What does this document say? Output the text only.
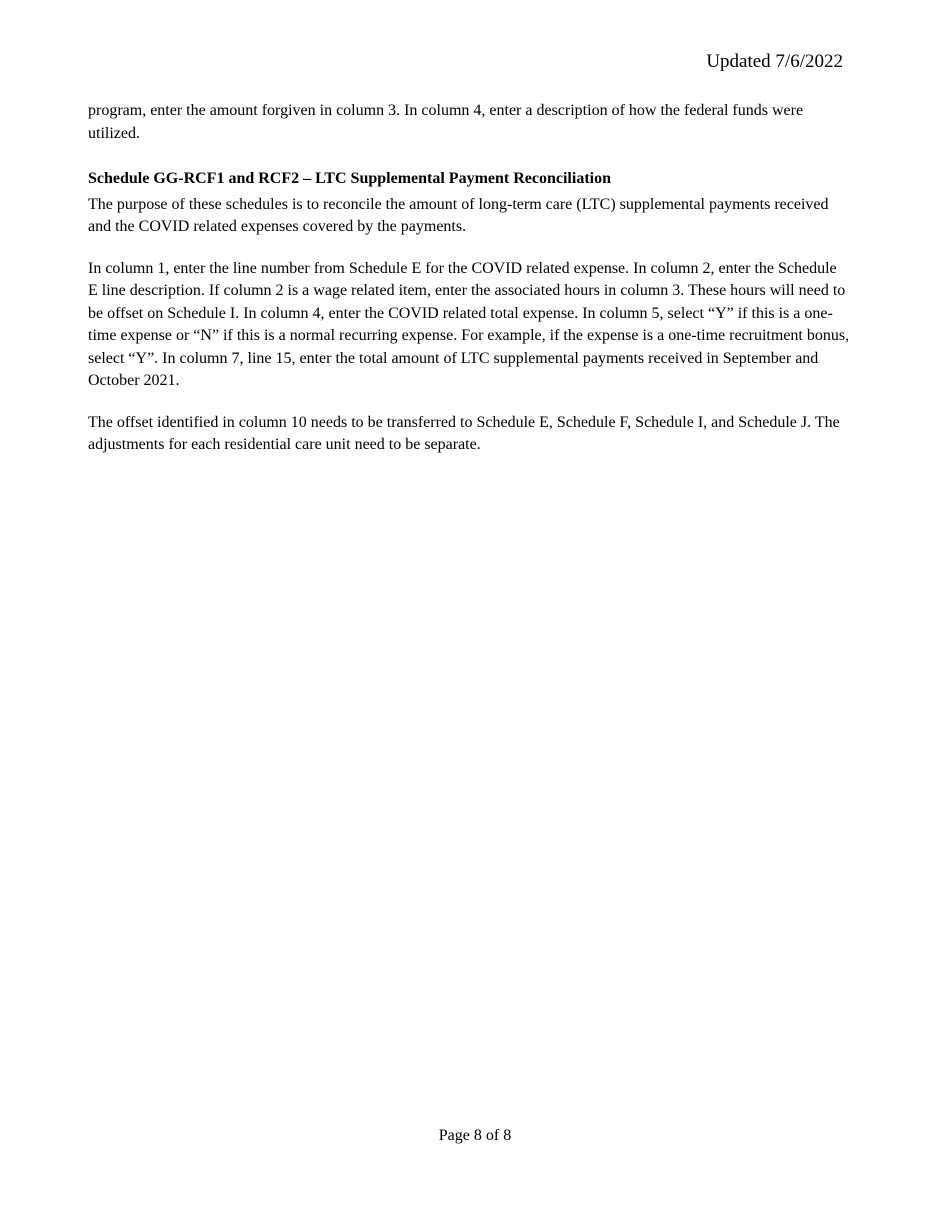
Updated 7/6/2022

program, enter the amount forgiven in column 3. In column 4, enter a description of how the federal funds were utilized.

Schedule GG-RCF1 and RCF2 – LTC Supplemental Payment Reconciliation

The purpose of these schedules is to reconcile the amount of long-term care (LTC) supplemental payments received and the COVID related expenses covered by the payments.

In column 1, enter the line number from Schedule E for the COVID related expense. In column 2, enter the Schedule E line description. If column 2 is a wage related item, enter the associated hours in column 3. These hours will need to be offset on Schedule I. In column 4, enter the COVID related total expense. In column 5, select “Y” if this is a one-time expense or “N” if this is a normal recurring expense. For example, if the expense is a one-time recruitment bonus, select “Y”. In column 7, line 15, enter the total amount of LTC supplemental payments received in September and October 2021.

The offset identified in column 10 needs to be transferred to Schedule E, Schedule F, Schedule I, and Schedule J. The adjustments for each residential care unit need to be separate.

Page 8 of 8
